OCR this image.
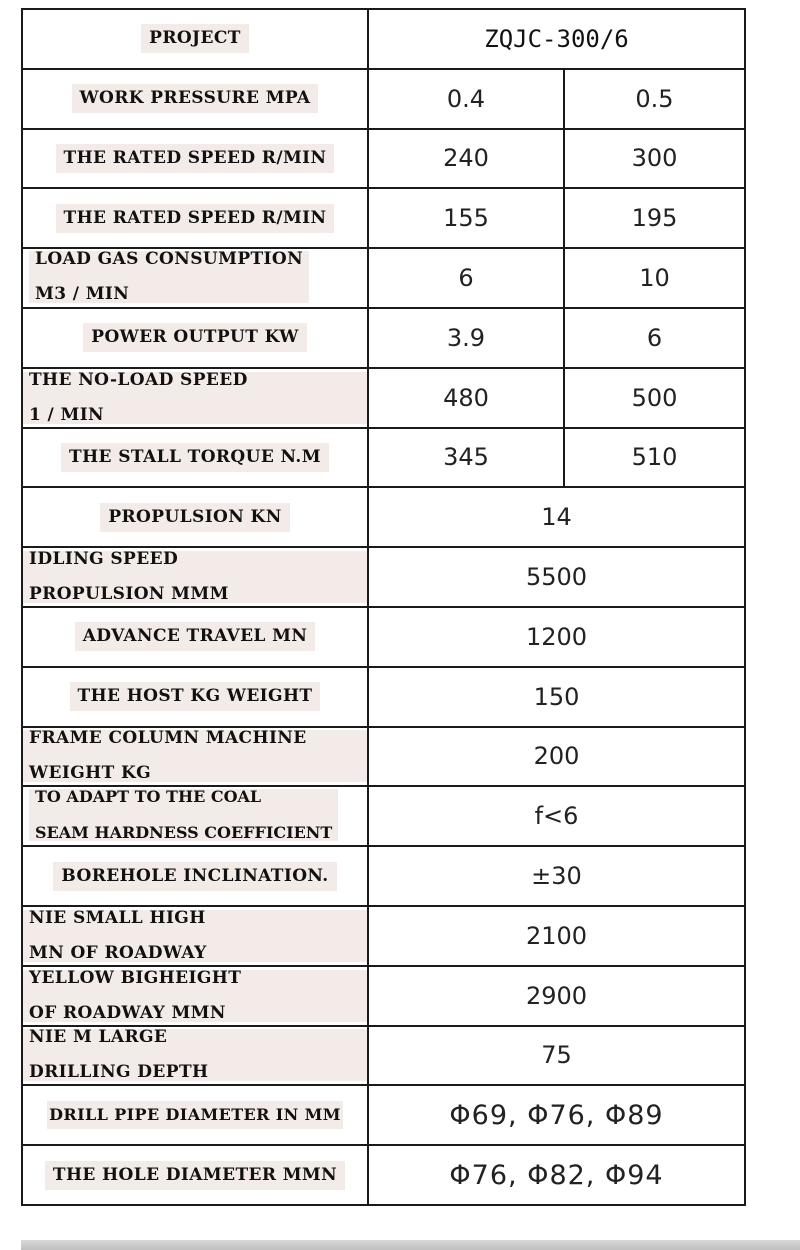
PROJECT	ZQJC-300/6	
WORK PRESSURE MPA	0.4	0.5
THE RATED SPEED R/MIN	240	300
THE RATED SPEED R/MIN	155	195

LOAD GAS CONSUMPTION
M3 / MIN	6	10
POWER OUTPUT KW	3.9	6

THE NO-LOAD SPEED
1 / MIN	480	500
THE STALL TORQUE N.M	345	510
PROPULSION KN	14	

IDLING SPEED
PROPULSION MMM	5500	
ADVANCE TRAVEL MN	1200	
THE HOST KG WEIGHT	150	

FRAME COLUMN MACHINE
WEIGHT KG	200	

TO ADAPT TO THE COAL
SEAM HARDNESS COEFFICIENT	f<6	
BOREHOLE INCLINATION.	±30	

NIE SMALL HIGH
MN OF ROADWAY	2100	

YELLOW BIGHEIGHT
OF ROADWAY MMN	2900	

NIE M LARGE
DRILLING DEPTH	75	
DRILL PIPE DIAMETER IN MM	Φ69, Φ76, Φ89	
THE HOLE DIAMETER MMN	Φ76, Φ82, Φ94	
